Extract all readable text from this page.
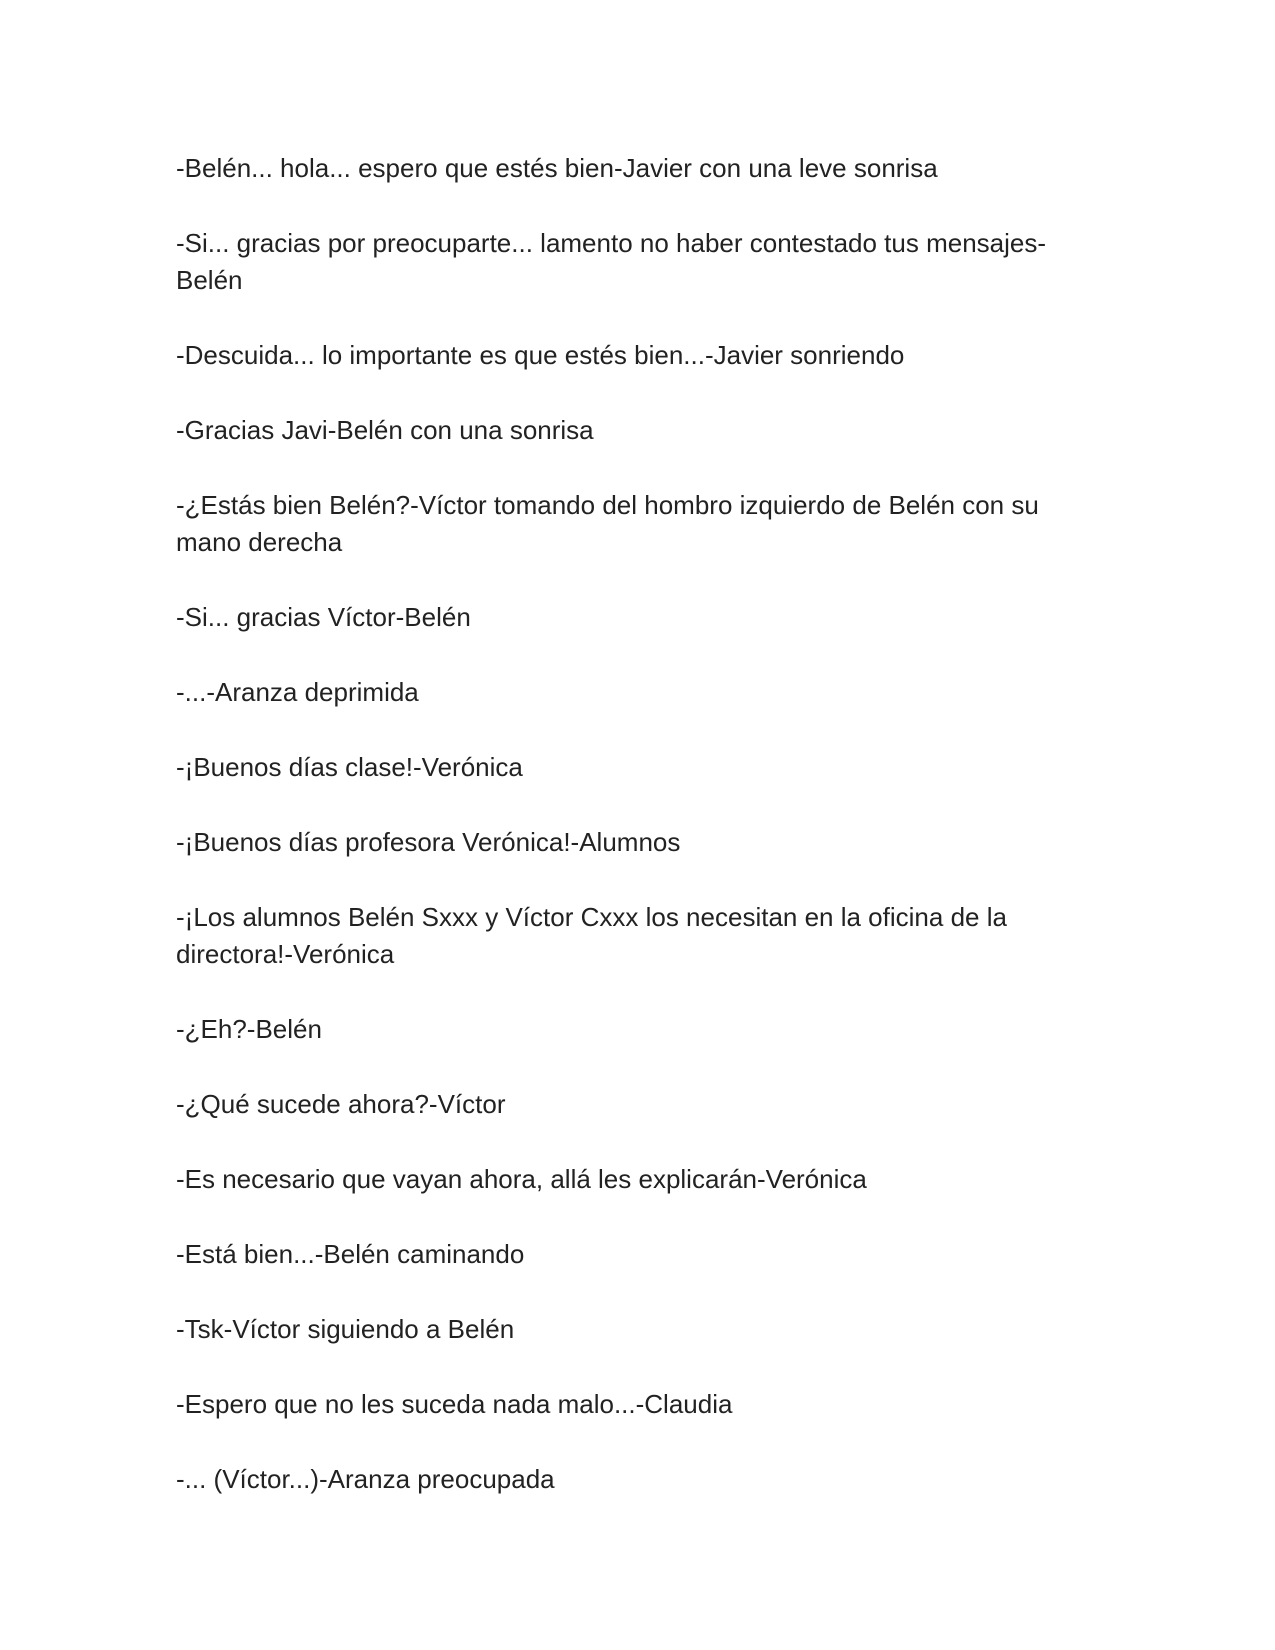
-Belén... hola... espero que estés bien-Javier con una leve sonrisa

-Si... gracias por preocuparte... lamento no haber contestado tus mensajes-Belén

-Descuida... lo importante es que estés bien...-Javier sonriendo

-Gracias Javi-Belén con una sonrisa

-¿Estás bien Belén?-Víctor tomando del hombro izquierdo de Belén con su mano derecha

-Si... gracias Víctor-Belén

-...-Aranza deprimida

-¡Buenos días clase!-Verónica

-¡Buenos días profesora Verónica!-Alumnos

-¡Los alumnos Belén Sxxx y Víctor Cxxx los necesitan en la oficina de la directora!-Verónica

-¿Eh?-Belén

-¿Qué sucede ahora?-Víctor

-Es necesario que vayan ahora, allá les explicarán-Verónica

-Está bien...-Belén caminando

-Tsk-Víctor siguiendo a Belén

-Espero que no les suceda nada malo...-Claudia

-... (Víctor...)-Aranza preocupada
